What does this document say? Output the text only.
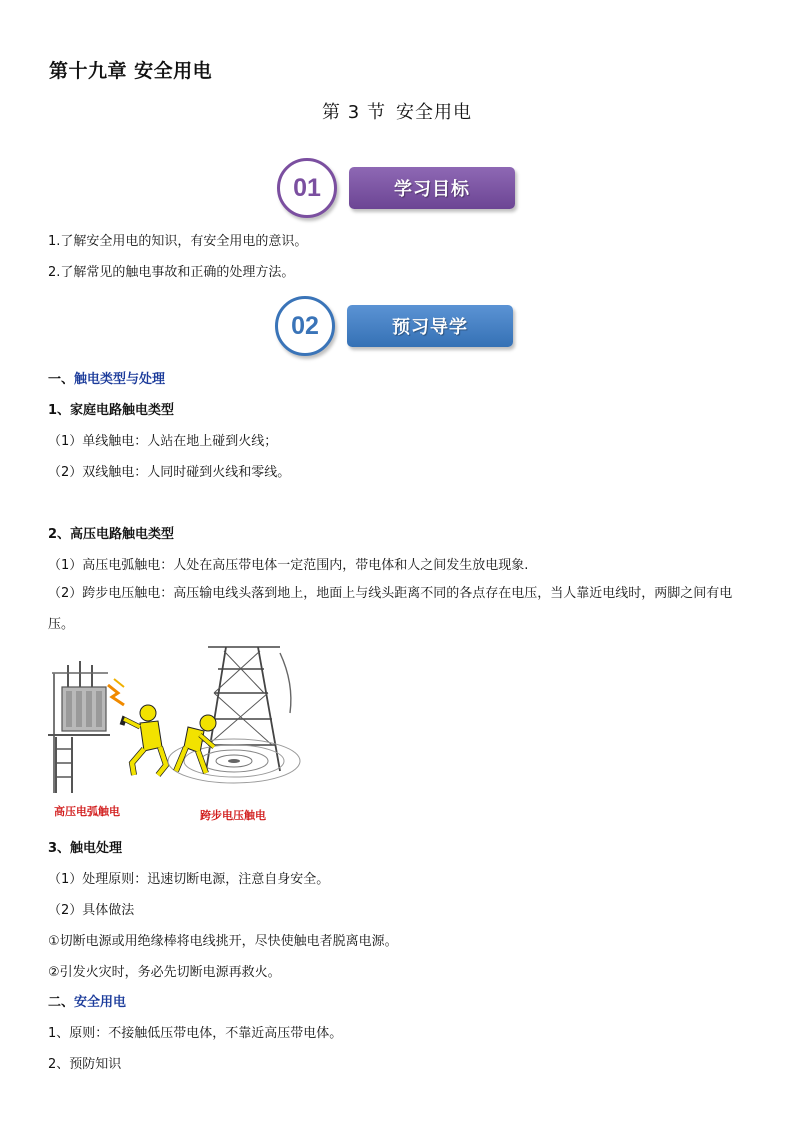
第十九章 安全用电
第 3 节 安全用电
01	学习目标
1.了解安全用电的知识，有安全用电的意识。
2.了解常见的触电事故和正确的处理方法。
02	预习导学
一、触电类型与处理
1、家庭电路触电类型
（1）单线触电：人站在地上碰到火线；
（2）双线触电：人同时碰到火线和零线。
2、高压电路触电类型
（1）高压电弧触电：人处在高压带电体一定范围内，带电体和人之间发生放电现象.
（2）跨步电压触电：高压输电线头落到地上，地面上与线头距离不同的各点存在电压，当人靠近电线时，两脚之间有电压。
高压电弧触电	跨步电压触电
3、触电处理
（1）处理原则：迅速切断电源，注意自身安全。
（2）具体做法
①切断电源或用绝缘棒将电线挑开，尽快使触电者脱离电源。
②引发火灾时，务必先切断电源再救火。
二、安全用电
1、原则：不接触低压带电体，不靠近高压带电体。
2、预防知识
